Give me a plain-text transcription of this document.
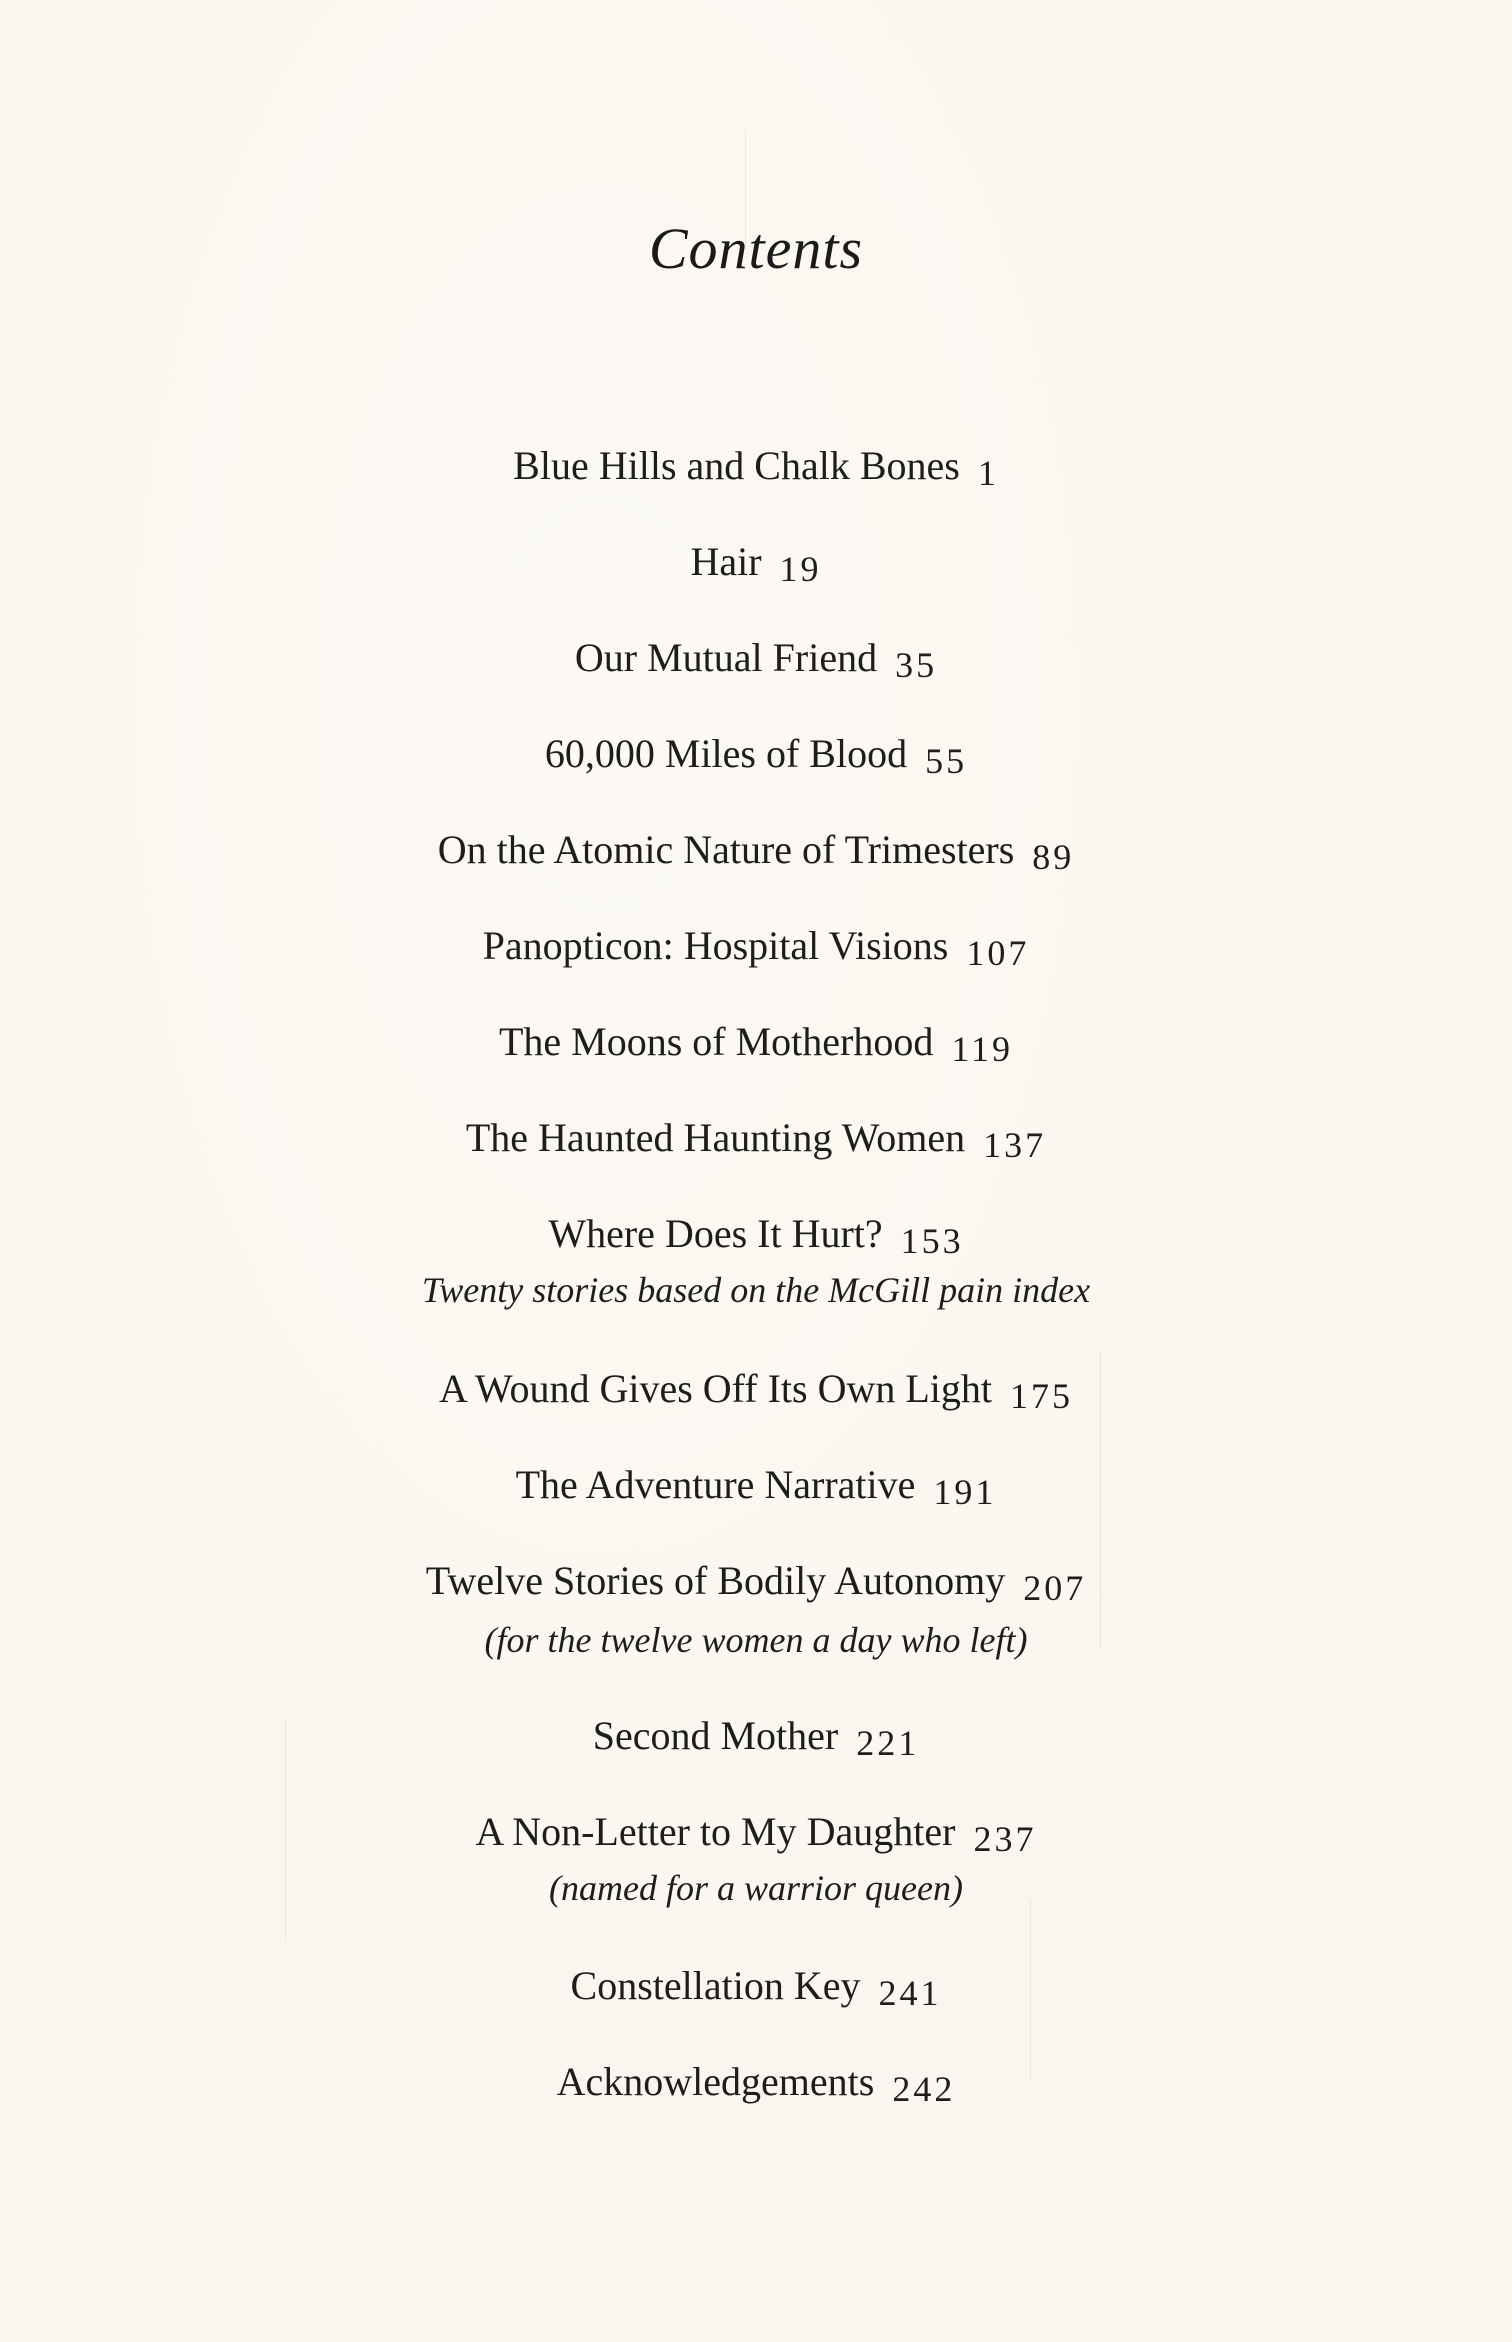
Contents
Blue Hills and Chalk Bones 1
Hair 19
Our Mutual Friend 35
60,000 Miles of Blood 55
On the Atomic Nature of Trimesters 89
Panopticon: Hospital Visions 107
The Moons of Motherhood 119
The Haunted Haunting Women 137
Where Does It Hurt? 153
Twenty stories based on the McGill pain index
A Wound Gives Off Its Own Light 175
The Adventure Narrative 191
Twelve Stories of Bodily Autonomy 207
(for the twelve women a day who left)
Second Mother 221
A Non-Letter to My Daughter 237
(named for a warrior queen)
Constellation Key 241
Acknowledgements 242
